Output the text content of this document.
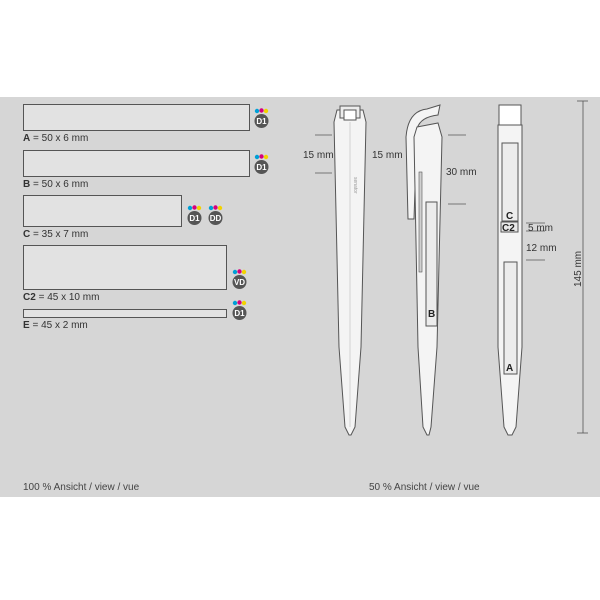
A = 50 x 6 mm
B = 50 x 6 mm
C = 35 x 7 mm
C2 = 45 x 10 mm
E = 45 x 2 mm
D1
D1
D1 DD
VD
D1
senator
B
C
C2
A
15 mm	15 mm
30 mm
5 mm
12 mm
145 mm
100 % Ansicht / view / vue	50 % Ansicht / view / vue
